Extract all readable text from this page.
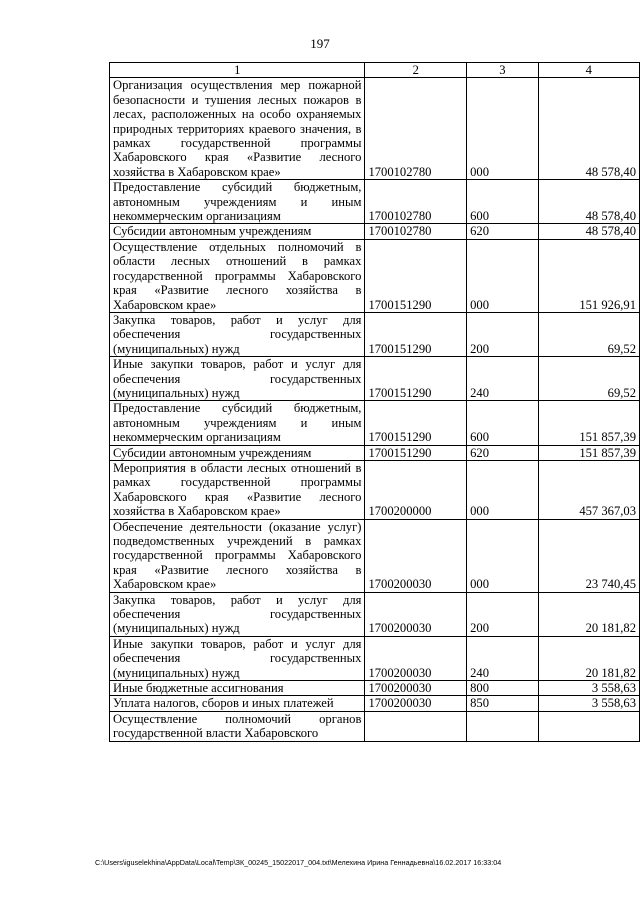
197
1	2	3	4
Организация осуществления мер пожарной безопасности и тушения лесных пожаров в лесах, расположенных на особо охраняемых природных территориях краевого значения, в рамках государственной программы Хабаровского края «Развитие лесного хозяйства в Хабаровском крае»	1700102780	000	48 578,40
Предоставление субсидий бюджетным, автономным учреждениям и иным некоммерческим организациям	1700102780	600	48 578,40
Субсидии автономным учреждениям	1700102780	620	48 578,40
Осуществление отдельных полномочий в области лесных отношений в рамках государственной программы Хабаровского края «Развитие лесного хозяйства в Хабаровском крае»	1700151290	000	151 926,91
Закупка товаров, работ и услуг для обеспечения государственных (муниципальных) нужд	1700151290	200	69,52
Иные закупки товаров, работ и услуг для обеспечения государственных (муниципальных) нужд	1700151290	240	69,52
Предоставление субсидий бюджетным, автономным учреждениям и иным некоммерческим организациям	1700151290	600	151 857,39
Субсидии автономным учреждениям	1700151290	620	151 857,39
Мероприятия в области лесных отношений в рамках государственной программы Хабаровского края «Развитие лесного хозяйства в Хабаровском крае»	1700200000	000	457 367,03
Обеспечение деятельности (оказание услуг) подведомственных учреждений в рамках государственной программы Хабаровского края «Развитие лесного хозяйства в Хабаровском крае»	1700200030	000	23 740,45
Закупка товаров, работ и услуг для обеспечения государственных (муниципальных) нужд	1700200030	200	20 181,82
Иные закупки товаров, работ и услуг для обеспечения государственных (муниципальных) нужд	1700200030	240	20 181,82
Иные бюджетные ассигнования	1700200030	800	3 558,63
Уплата налогов, сборов и иных платежей	1700200030	850	3 558,63
Осуществление полномочий органов государственной власти Хабаровского			
C:\Users\iguselekhina\AppData\Local\Temp\ЗК_00245_15022017_004.txt\Мелехина Ирина Геннадьевна\16.02.2017 16:33:04
